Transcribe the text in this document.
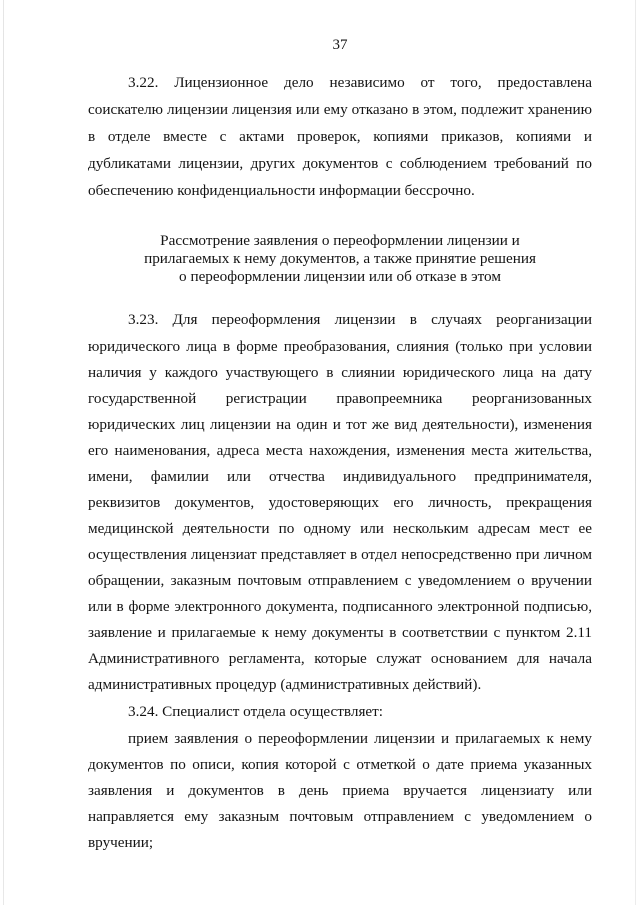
37
3.22. Лицензионное дело независимо от того, предоставлена
соискателю лицензии лицензия или ему отказано в этом, подлежит хранению
в отделе вместе с актами проверок, копиями приказов, копиями и
дубликатами лицензии, других документов с соблюдением требований по
обеспечению конфиденциальности информации бессрочно.
Рассмотрение заявления о переоформлении лицензии и
прилагаемых к нему документов, а также принятие решения
о переоформлении лицензии или об отказе в этом
3.23. Для переоформления лицензии в случаях реорганизации
юридического лица в форме преобразования, слияния (только при условии
наличия у каждого участвующего в слиянии юридического лица на дату
государственной регистрации правопреемника реорганизованных
юридических лиц лицензии на один и тот же вид деятельности), изменения
его наименования, адреса места нахождения, изменения места жительства,
имени, фамилии или отчества индивидуального предпринимателя,
реквизитов документов, удостоверяющих его личность, прекращения
медицинской деятельности по одному или нескольким адресам мест ее
осуществления лицензиат представляет в отдел непосредственно при личном
обращении, заказным почтовым отправлением с уведомлением о вручении
или в форме электронного документа, подписанного электронной подписью,
заявление и прилагаемые к нему документы в соответствии с пунктом 2.11
Административного регламента, которые служат основанием для начала
административных процедур (административных действий).
3.24. Специалист отдела осуществляет:
прием заявления о переоформлении лицензии и прилагаемых к нему
документов по описи, копия которой с отметкой о дате приема указанных
заявления и документов в день приема вручается лицензиату или
направляется ему заказным почтовым отправлением с уведомлением о
вручении;
